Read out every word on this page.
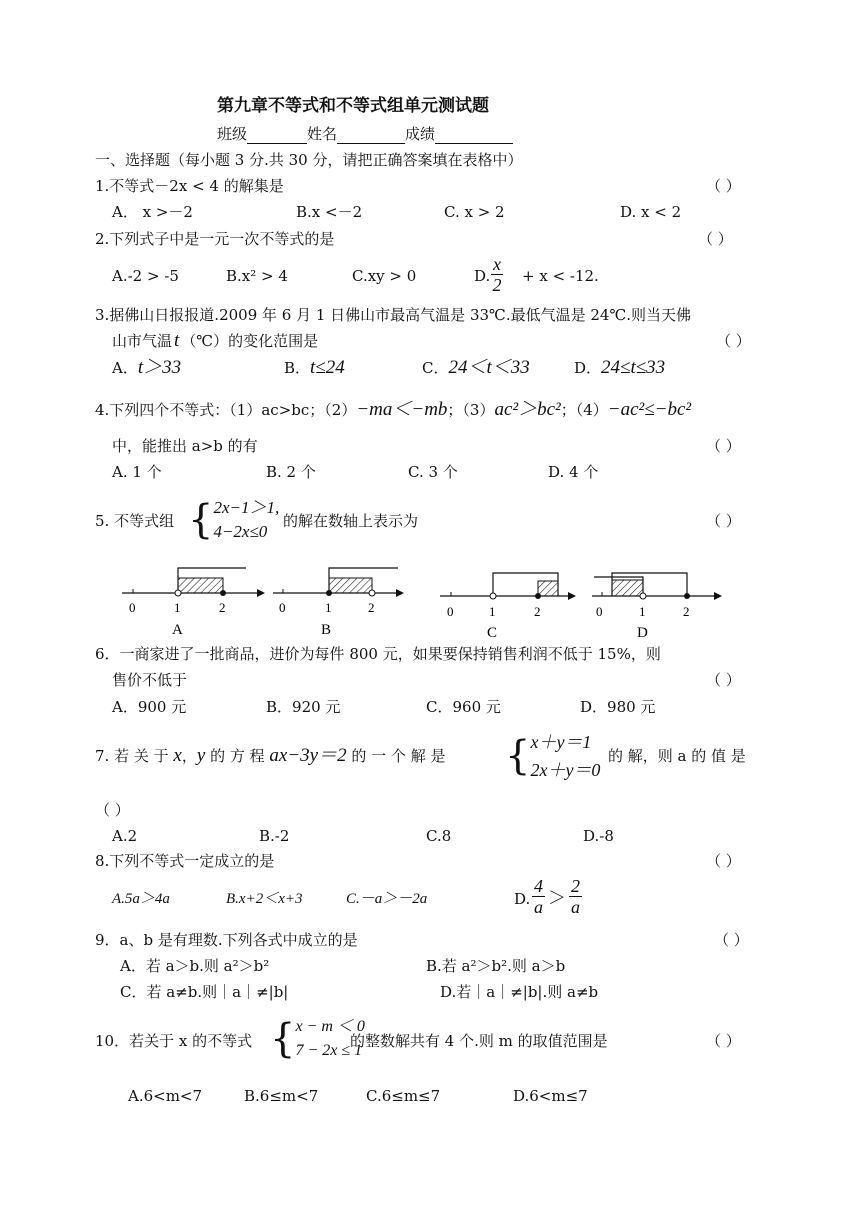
第九章不等式和不等式组单元测试题
班级	姓名	成绩
一、选择题（每小题 3 分.共 30 分，请把正确答案填在表格中）
1.不等式－2x < 4 的解集是	（ ）
A． x >－2	B.x <－2	C. x > 2	D. x < 2
2.下列式子中是一元一次不等式的是	（ ）
A.-2 > -5	B.x² > 4	C.xy > 0	D. $\frac{x}{2} + x < -12$.
3.据佛山日报报道.2009 年 6 月 1 日佛山市最高气温是 33℃.最低气温是 24℃.则当天佛
山市气温 t （℃）的变化范围是	（ ）
A．t＞33	B．t≤24	C．24＜t＜33	D．24≤t≤33
4.下列四个不等式：（1）ac>bc；（2）−ma＜−mb；（3）ac²＞bc²；（4）−ac²≤−bc²
中，能推出 a>b 的有	（ ）
A. 1 个	B. 2 个	C. 3 个	D. 4 个
5. 不等式组 { 2x−1＞1,
4−2x≤0
的解在数轴上表示为	（ ）
0	1	2
A
0	1	2
B
0	1	2
C
0	1	2
D
6．一商家进了一批商品，进价为每件 800 元，如果要保持销售利润不低于 15%，则
售价不低于	（ ）
A．900 元	B．920 元	C．960 元	D．980 元
7. 若 关 于 x，y 的 方 程 ax−3y＝2 的 一 个 解 是 { x＋y＝1
2x＋y＝0
的 解，则 a 的 值 是
（ ）
A.2	B.-2	C.8	D.-8
8.下列不等式一定成立的是	（ ）
A.5a＞4a	B.x+2＜x+3	C.－a＞－2a	D. $\frac{4}{a} > \frac{2}{a}$
9．a、b 是有理数.下列各式中成立的是	（ ）
A．若 a＞b.则 a²＞b²	B.若 a²＞b².则 a＞b
C．若 a≠b.则｜a｜≠|b|	D.若｜a｜≠|b|.则 a≠b
10．若关于 x 的不等式 { x − m ＜ 0
7 − 2x ≤ 1
的整数解共有 4 个.则 m 的取值范围是	（ ）
A.6<m<7	B.6≤m<7	C.6≤m≤7	D.6<m≤7
